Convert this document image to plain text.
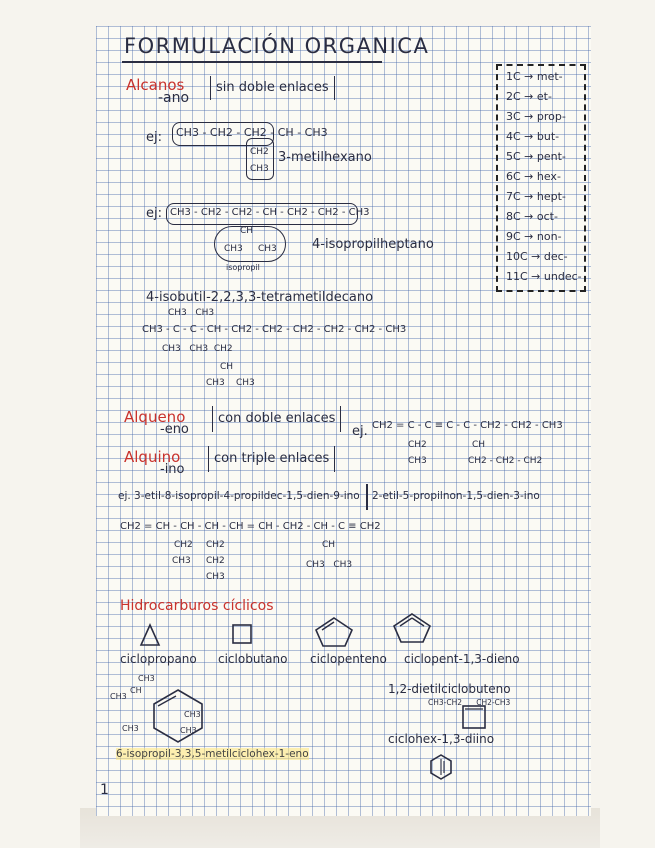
FORMULACIÓN ORGANICA
Alcanos
-ano
sin doble enlaces
ej: CH3 - CH2 - CH2 - CH - CH3
CH2
CH3
3-metilhexano
ej: CH3 - CH2 - CH2 - CH - CH2 - CH2 - CH3
CH
CH3 CH3
isopropil
4-isopropilheptano
1C → met-
2C → et-
3C → prop-
4C → but-
5C → pent-
6C → hex-
7C → hept-
8C → oct-
9C → non-
10C → dec-
11C → undec-
4-isobutil-2,2,3,3-tetrametildecano
CH3   CH3
CH3 - C - C - CH - CH2 - CH2 - CH2 - CH2 - CH2 - CH3
CH3   CH3  CH2
CH
CH3 CH3
Alqueno
-eno
con doble enlaces
ej. CH2 = C - C ≡ C - C - CH2 - CH2 - CH3
CH2
CH3
CH
CH2 - CH2 - CH2
Alquino
-ino
con triple enlaces
ej. 3-etil-8-isopropil-4-propildec-1,5-dien-9-ino 2-etil-5-propilnon-1,5-dien-3-ino
CH2 = CH - CH - CH - CH = CH - CH2 - CH - C ≡ CH2
CH2
CH3
CH2
CH2
CH3
CH
CH3   CH3
Hidrocarburos cíclicos
ciclopropano ciclobutano ciclopenteno ciclopent-1,3-dieno
CH3
CH
CH3
CH3
CH3
CH3
6-isopropil-3,3,5-metilciclohex-1-eno
1,2-dietilciclobuteno
CH3-CH2      CH2-CH3
ciclohex-1,3-diino
1
